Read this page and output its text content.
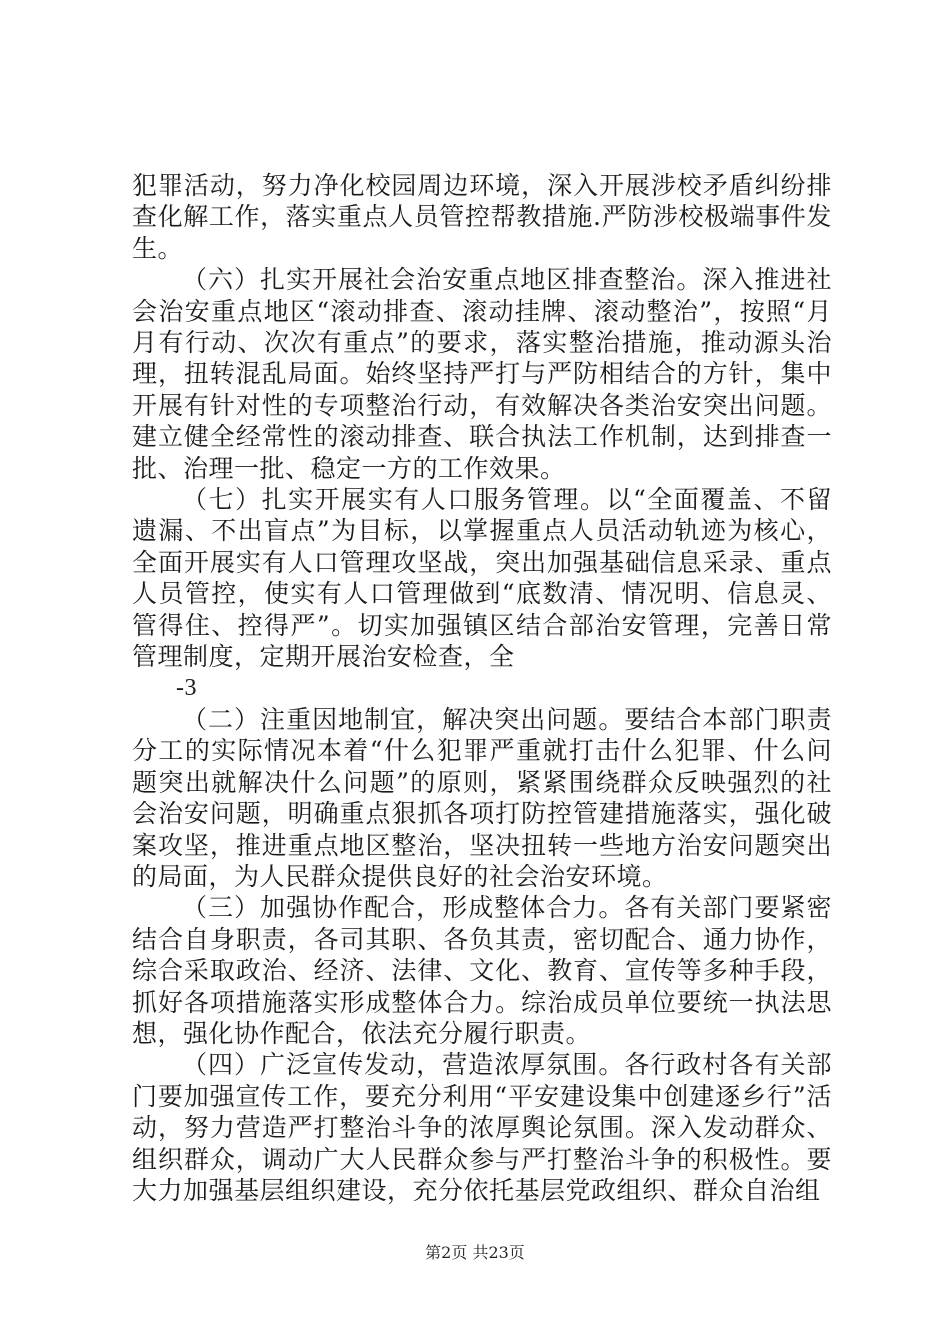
犯罪活动，努力净化校园周边环境，深入开展涉校矛盾纠纷排查化解工作，落实重点人员管控帮教措施.严防涉校极端事件发生。

（六）扎实开展社会治安重点地区排查整治。深入推进社会治安重点地区“滚动排查、滚动挂牌、滚动整治”，按照“月月有行动、次次有重点”的要求，落实整治措施，推动源头治理，扭转混乱局面。始终坚持严打与严防相结合的方针，集中开展有针对性的专项整治行动，有效解决各类治安突出问题。建立健全经常性的滚动排查、联合执法工作机制，达到排查一批、治理一批、稳定一方的工作效果。

（七）扎实开展实有人口服务管理。以“全面覆盖、不留遗漏、不出盲点”为目标，以掌握重点人员活动轨迹为核心，全面开展实有人口管理攻坚战，突出加强基础信息采录、重点人员管控，使实有人口管理做到“底数清、情况明、信息灵、管得住、控得严”。切实加强镇区结合部治安管理，完善日常管理制度，定期开展治安检查，全

-3

（二）注重因地制宜，解决突出问题。要结合本部门职责分工的实际情况本着“什么犯罪严重就打击什么犯罪、什么问题突出就解决什么问题”的原则，紧紧围绕群众反映强烈的社会治安问题，明确重点狠抓各项打防控管建措施落实，强化破案攻坚，推进重点地区整治，坚决扭转一些地方治安问题突出的局面，为人民群众提供良好的社会治安环境。

（三）加强协作配合，形成整体合力。各有关部门要紧密结合自身职责，各司其职、各负其责，密切配合、通力协作，综合采取政治、经济、法律、文化、教育、宣传等多种手段，抓好各项措施落实形成整体合力。综治成员单位要统一执法思想，强化协作配合，依法充分履行职责。

（四）广泛宣传发动，营造浓厚氛围。各行政村各有关部门要加强宣传工作，要充分利用“平安建设集中创建逐乡行”活动，努力营造严打整治斗争的浓厚舆论氛围。深入发动群众、组织群众，调动广大人民群众参与严打整治斗争的积极性。要大力加强基层组织建设，充分依托基层党政组织、群众自治组

第2页 共23页
